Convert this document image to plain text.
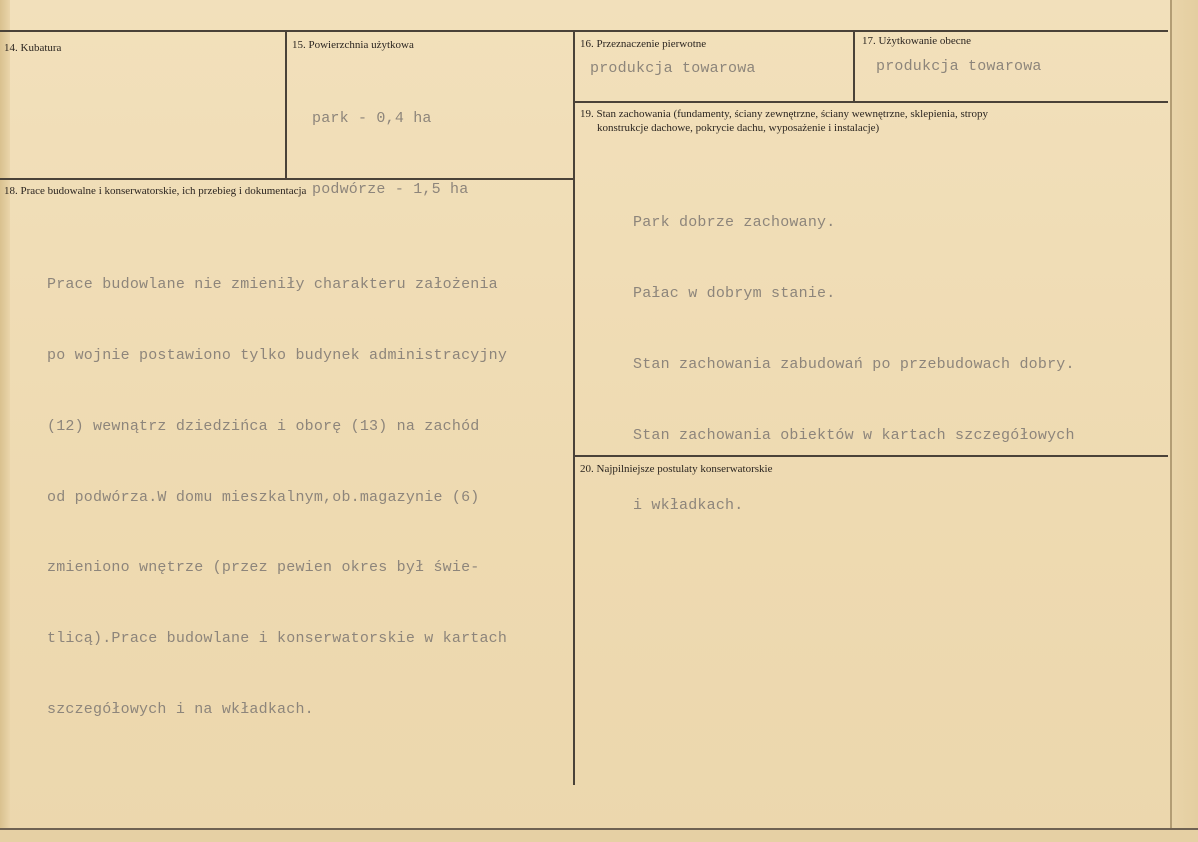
14. Kubatura	15. Powierzchnia użytkowa

park - 0,4 ha

podwórze - 1,5 ha

16. Przeznaczenie pierwotne
produkcja towarowa
17. Użytkowanie obecne
produkcja towarowa
18. Prace budowalne i konserwatorskie, ich przebieg i dokumentacja

Prace budowlane nie zmieniły charakteru założenia

po wojnie postawiono tylko budynek administracyjny

(12) wewnątrz dziedzińca i oborę (13) na zachód

od podwórza.W domu mieszkalnym,ob.magazynie (6)

zmieniono wnętrze (przez pewien okres był świe-

tlicą).Prace budowlane i konserwatorskie w kartach

szczegółowych i na wkładkach.

19. Stan zachowania (fundamenty, ściany zewnętrzne, ściany wewnętrzne, sklepienia, stropy
konstrukcje dachowe, pokrycie dachu, wyposażenie i instalacje)

Park dobrze zachowany.

Pałac w dobrym stanie.

Stan zachowania zabudowań po przebudowach dobry.

Stan zachowania obiektów w kartach szczegółowych

i wkładkach.

20. Najpilniejsze postulaty konserwatorskie
